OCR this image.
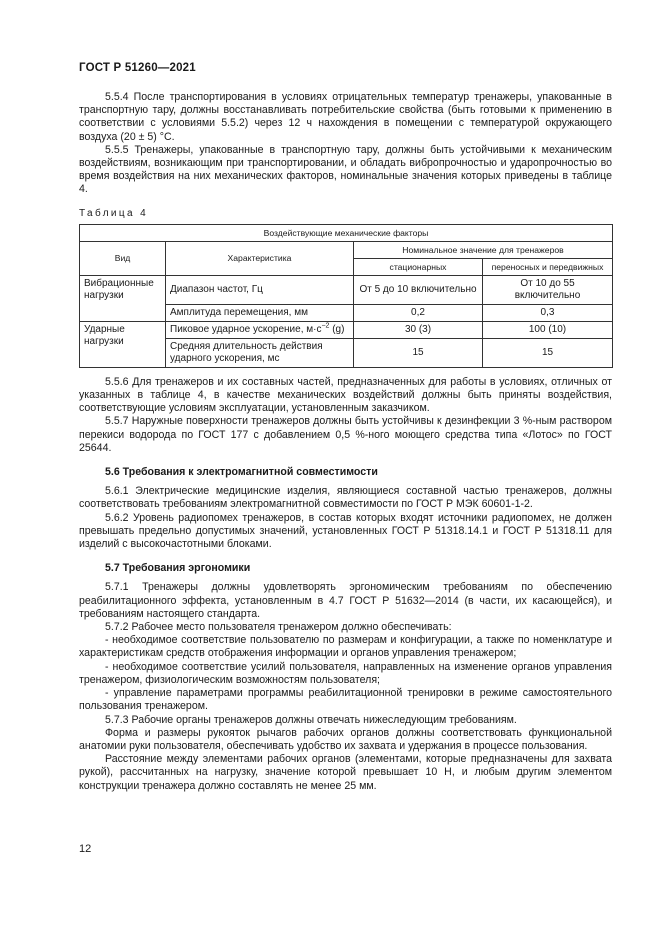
ГОСТ Р 51260—2021

5.5.4 После транспортирования в условиях отрицательных температур тренажеры, упакованные в транспортную тару, должны восстанавливать потребительские свойства (быть готовыми к применению в соответствии с условиями 5.5.2) через 12 ч нахождения в помещении с температурой окружающего воздуха (20 ± 5) °С.

5.5.5 Тренажеры, упакованные в транспортную тару, должны быть устойчивыми к механическим воздействиям, возникающим при транспортировании, и обладать вибропрочностью и ударопрочностью во время воздействия на них механических факторов, номинальные значения которых приведены в таблице 4.

Таблица 4

Воздействующие механические факторы			
Вид	Характеристика	Номинальное значение для тренажеров	
		стационарных	переносных и передвижных
Вибрационные нагрузки	Диапазон частот, Гц	От 5 до 10 включительно	От 10 до 55 включительно
	Амплитуда перемещения, мм	0,2	0,3
Ударные нагрузки	Пиковое ударное ускорение, $м\cdot с^{-2}$ (g)	30 (3)	100 (10)
	Средняя длительность действия ударного ускорения, мс	15	15

5.5.6 Для тренажеров и их составных частей, предназначенных для работы в условиях, отличных от указанных в таблице 4, в качестве механических воздействий должны быть приняты воздействия, соответствующие условиям эксплуатации, установленным заказчиком.

5.5.7 Наружные поверхности тренажеров должны быть устойчивы к дезинфекции 3 %-ным раствором перекиси водорода по ГОСТ 177 с добавлением 0,5 %-ного моющего средства типа «Лотос» по ГОСТ 25644.

5.6 Требования к электромагнитной совместимости

5.6.1 Электрические медицинские изделия, являющиеся составной частью тренажеров, должны соответствовать требованиям электромагнитной совместимости по ГОСТ Р МЭК 60601-1-2.

5.6.2 Уровень радиопомех тренажеров, в состав которых входят источники радиопомех, не должен превышать предельно допустимых значений, установленных ГОСТ Р 51318.14.1 и ГОСТ Р 51318.11 для изделий с высокочастотными блоками.

5.7 Требования эргономики

5.7.1 Тренажеры должны удовлетворять эргономическим требованиям по обеспечению реабилитационного эффекта, установленным в 4.7 ГОСТ Р 51632—2014 (в части, их касающейся), и требованиям настоящего стандарта.

5.7.2 Рабочее место пользователя тренажером должно обеспечивать:

- необходимое соответствие пользователю по размерам и конфигурации, а также по номенклатуре и характеристикам средств отображения информации и органов управления тренажером;

- необходимое соответствие усилий пользователя, направленных на изменение органов управления тренажером, физиологическим возможностям пользователя;

- управление параметрами программы реабилитационной тренировки в режиме самостоятельного пользования тренажером.

5.7.3 Рабочие органы тренажеров должны отвечать нижеследующим требованиям.

Форма и размеры рукояток рычагов рабочих органов должны соответствовать функциональной анатомии руки пользователя, обеспечивать удобство их захвата и удержания в процессе пользования.

Расстояние между элементами рабочих органов (элементами, которые предназначены для захвата рукой), рассчитанных на нагрузку, значение которой превышает 10 Н, и любым другим элементом конструкции тренажера должно составлять не менее 25 мм.

12
